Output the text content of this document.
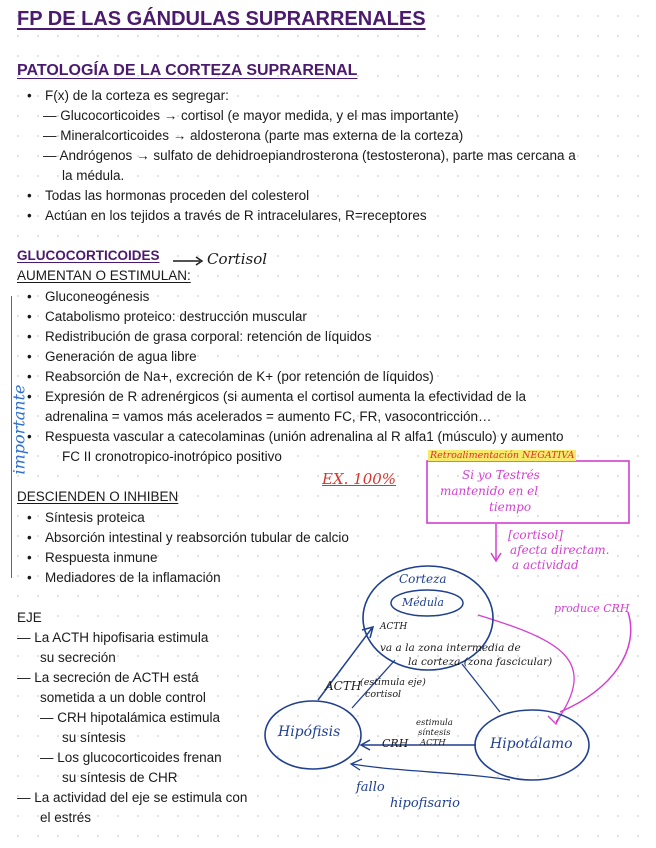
FP DE LAS GÁNDULAS SUPRARRENALES
PATOLOGÍA DE LA CORTEZA SUPRARENAL
• F(x) de la corteza es segregar:
— Glucocorticoides → cortisol (e mayor medida, y el mas importante)
— Mineralcorticoides → aldosterona (parte mas externa de la corteza)
— Andrógenos → sulfato de dehidroepiandrosterona (testosterona), parte mas cercana a
la médula.
• Todas las hormonas proceden del colesterol
• Actúan en los tejidos a través de R intracelulares, R=receptores
GLUCOCORTICOIDES	Cortisol
AUMENTAN O ESTIMULAN:
• Gluconeogénesis
• Catabolismo proteico: destrucción muscular
• Redistribución de grasa corporal: retención de líquidos
• Generación de agua libre
• Reabsorción de Na+, excreción de K+ (por retención de líquidos)
• Expresión de R adrenérgicos (si aumenta el cortisol aumenta la efectividad de la
adrenalina = vamos más acelerados = aumento FC, FR, vasocontricción…
• Respuesta vascular a catecolaminas (unión adrenalina al R alfa1 (músculo) y aumento
FC II cronotropico-inotrópico positivo
importante
EX. 100%
DESCIENDEN O INHIBEN
• Síntesis proteica
• Absorción intestinal y reabsorción tubular de calcio
• Respuesta inmune
• Mediadores de la inflamación
EJE
— La ACTH hipofisaria estimula
su secreción
— La secreción de ACTH está
sometida a un doble control
— CRH hipotalámica estimula
su síntesis
— Los glucocorticoides frenan
su síntesis de CHR
— La actividad del eje se estimula con
el estrés
Retroalimentación NEGATIVA
Si yo Testrés
mantenido en el
tiempo
[cortisol]
afecta directam.
a actividad
produce CRH
Corteza
Médula
ACTH
va a la zona intermedia de
la corteza (zona fascicular)
ACTH
(estimula eje)
cortisol
Hipófisis
CRH
estimula
síntesis
ACTH	Hipotálamo
fallo
hipofisario
